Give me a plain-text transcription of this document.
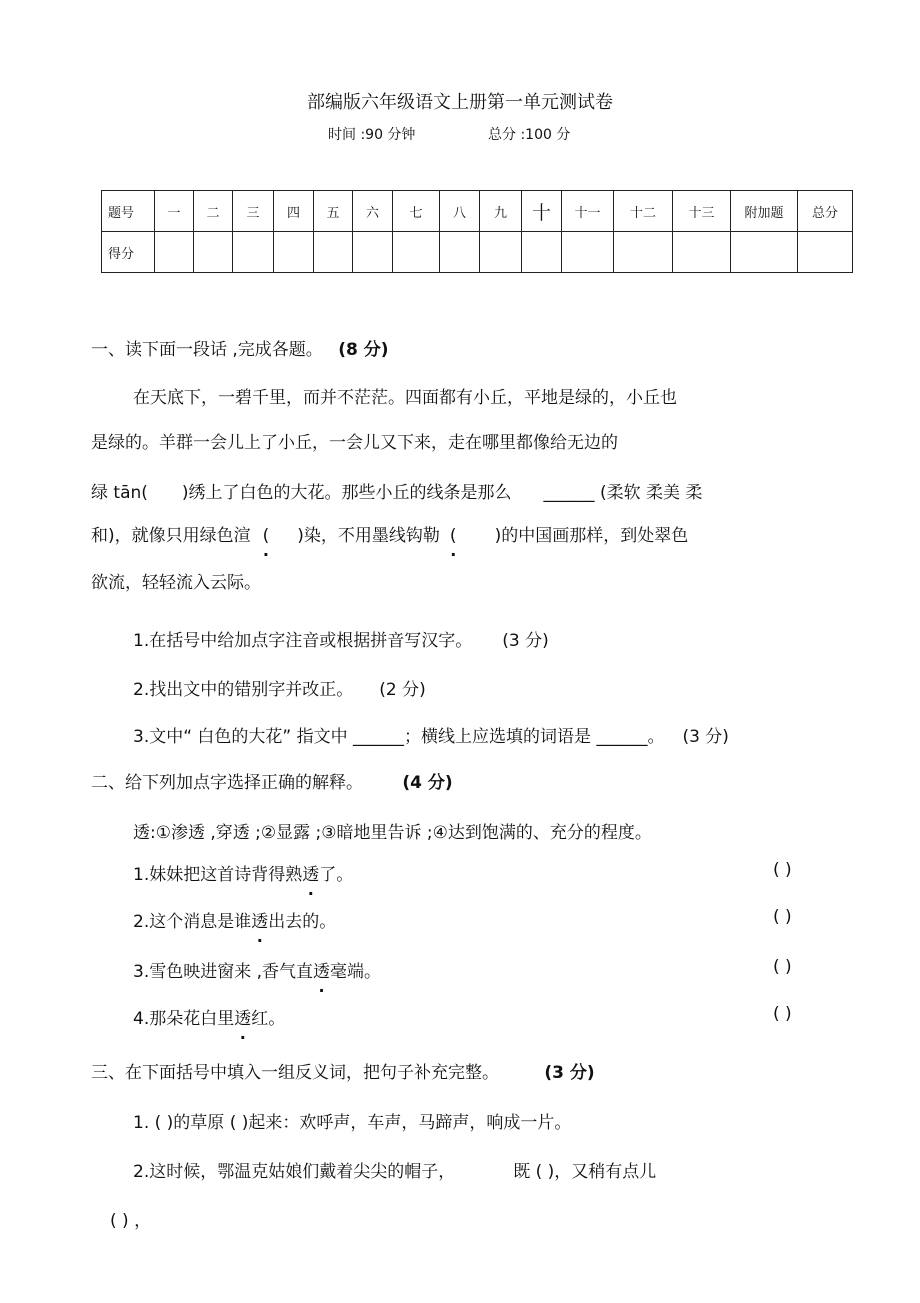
部编版六年级语文上册第一单元测试卷
时间 :90 分钟	总分 :100 分
题号	一	二	三	四	五	六	七	八	九	十	十一	十二	十三	附加题	总分
得分															
一、读下面一段话 ,完成各题。 (8 分)
在天底下，一碧千里，而并不茫茫。四面都有小丘，平地是绿的，小丘也
是绿的。羊群一会儿上了小丘，一会儿又下来，走在哪里都像给无边的
绿 tān( )绣上了白色的大花。那些小丘的线条是那么 ______ (柔软 柔美 柔
和)，就像只用绿色渲 ( . )染，不用墨线钩勒 ( . )的中国画那样，到处翠色
欲流，轻轻流入云际。
1.在括号中给加点字注音或根据拼音写汉字。 (3 分)
2.找出文中的错别字并改正。 (2 分)
3.文中“ 白色的大花” 指文中 ______；横线上应选填的词语是 ______。 (3 分)
二、给下列加点字选择正确的解释。 (4 分)
透:①渗透 ,穿透 ;②显露 ;③暗地里告诉 ;④达到饱满的、充分的程度。
1.妹妹把这首诗背得熟透了。	( )
2.这个消息是谁透出去的。	( )
3.雪色映进窗来 ,香气直透毫端。	( )
4.那朵花白里透红。	( )
三、在下面括号中填入一组反义词，把句子补充完整。	(3 分)
1. ( )的草原 ( )起来：欢呼声，车声，马蹄声，响成一片。
2.这时候，鄂温克姑娘们戴着尖尖的帽子，	既 ( )，又稍有点儿
( ) ，
